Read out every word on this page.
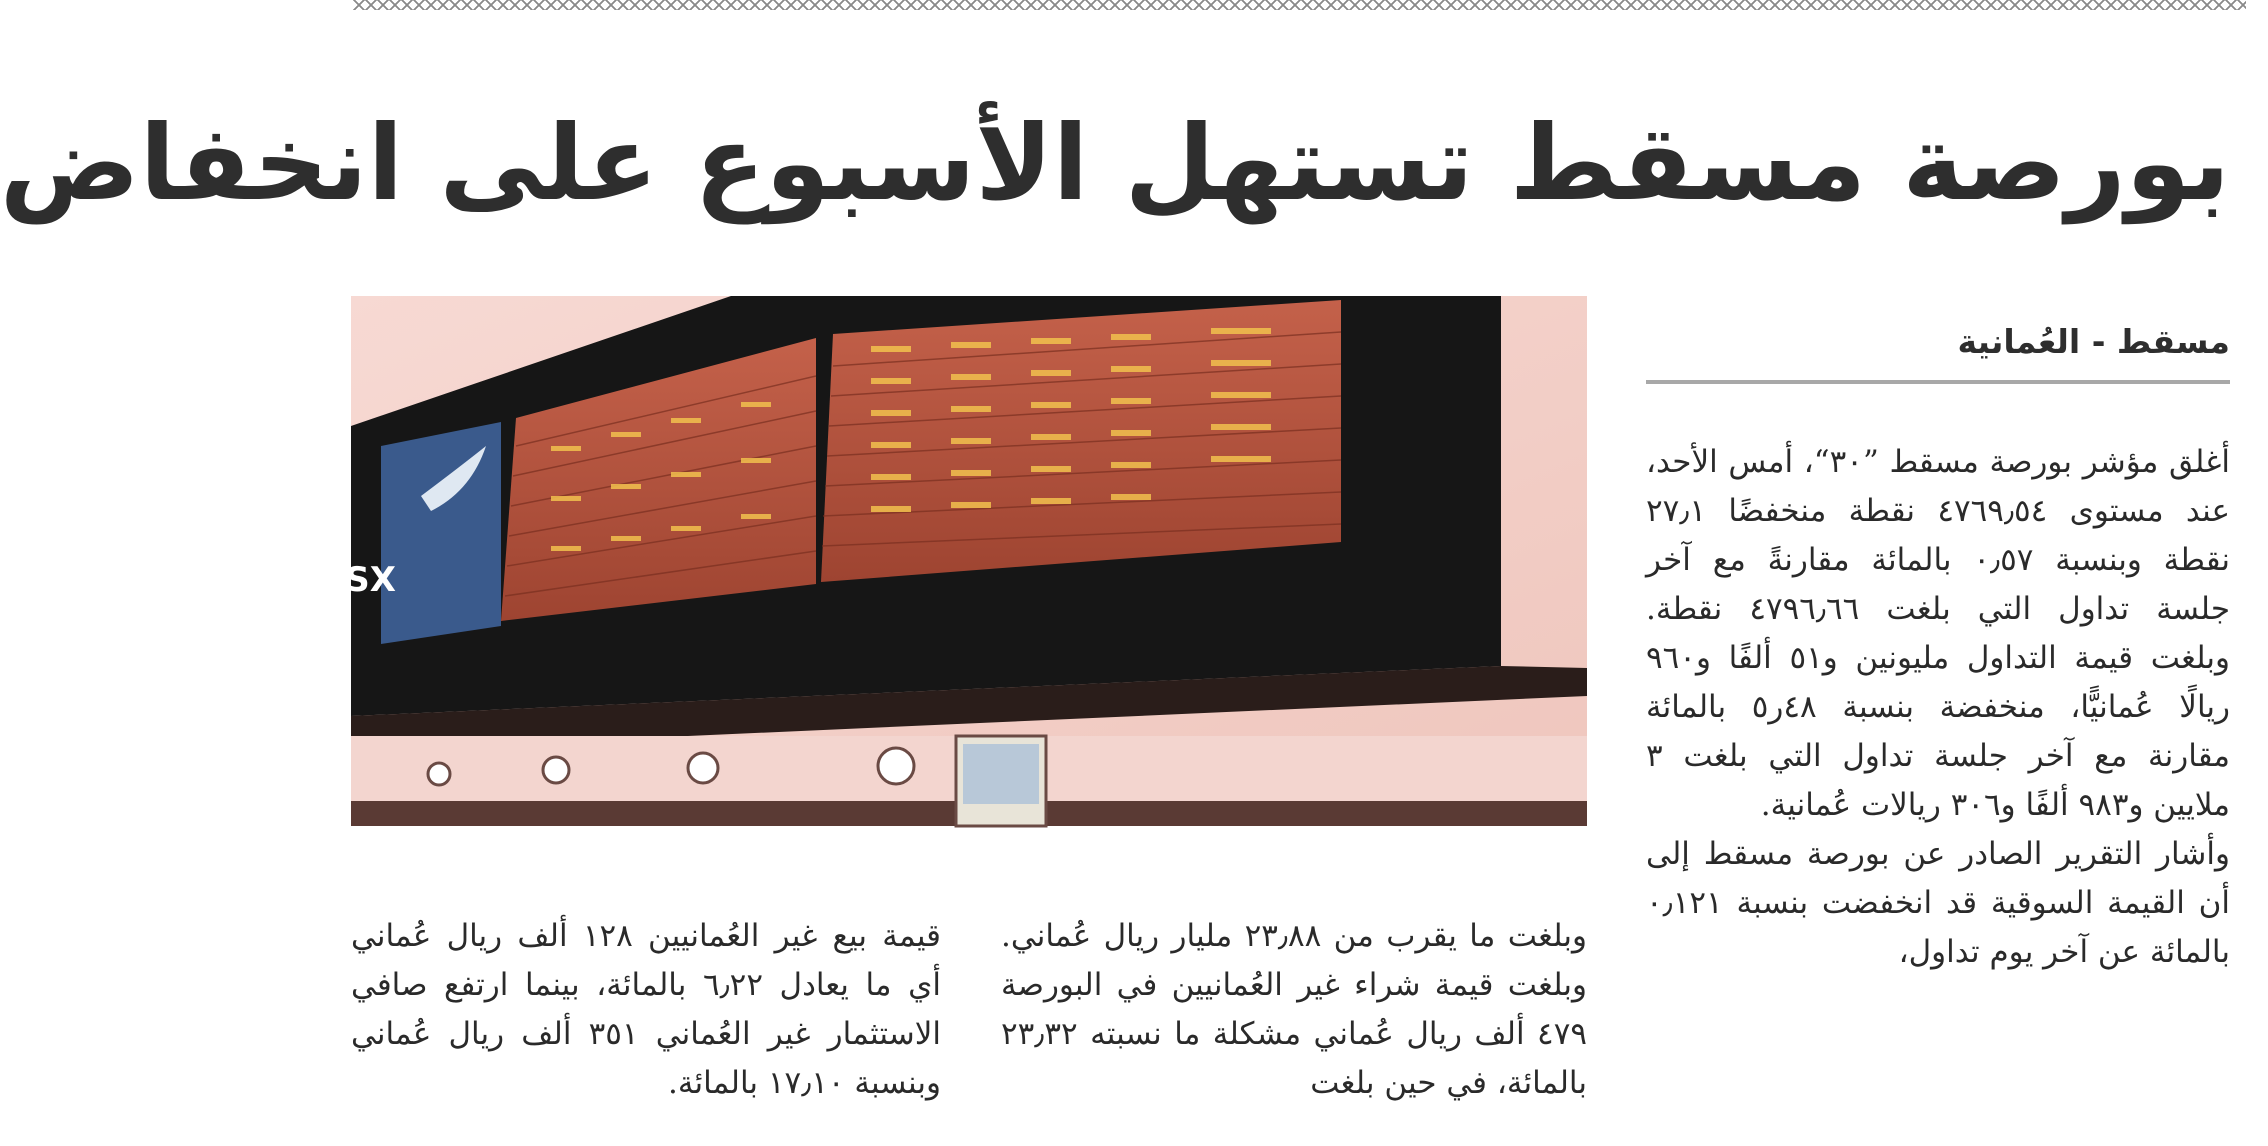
بورصة مسقط تستهل الأسبوع على انخفاض
MSX
مسقط - العُمانية

أغلق مؤشر بورصة مسقط ”٣٠“، أمس الأحد، عند مستوى ٤٧٦٩٫٥٤ نقطة منخفضًا ٢٧٫١ نقطة وبنسبة ٠٫٥٧ بالمائة مقارنةً مع آخر جلسة تداول التي بلغت ٤٧٩٦٫٦٦ نقطة. وبلغت قيمة التداول مليونين و٥١ ألفًا و٩٦٠ ريالًا عُمانيًّا، منخفضة بنسبة ٤٨ر٥ بالمائة مقارنة مع آخر جلسة تداول التي بلغت ٣ ملايين و٩٨٣ ألفًا و٣٠٦ ريالات عُمانية.

وأشار التقرير الصادر عن بورصة مسقط إلى أن القيمة السوقية قد انخفضت بنسبة ٠٫١٢١ بالمائة عن آخر يوم تداول،

وبلغت ما يقرب من ٢٣٫٨٨ مليار ريال عُماني. وبلغت قيمة شراء غير العُمانيين في البورصة ٤٧٩ ألف ريال عُماني مشكلة ما نسبته ٢٣٫٣٢ بالمائة، في حين بلغت

قيمة بيع غير العُمانيين ١٢٨ ألف ريال عُماني أي ما يعادل ٦٫٢٢ بالمائة، بينما ارتفع صافي الاستثمار غير العُماني ٣٥١ ألف ريال عُماني وبنسبة ١٧٫١٠ بالمائة.
